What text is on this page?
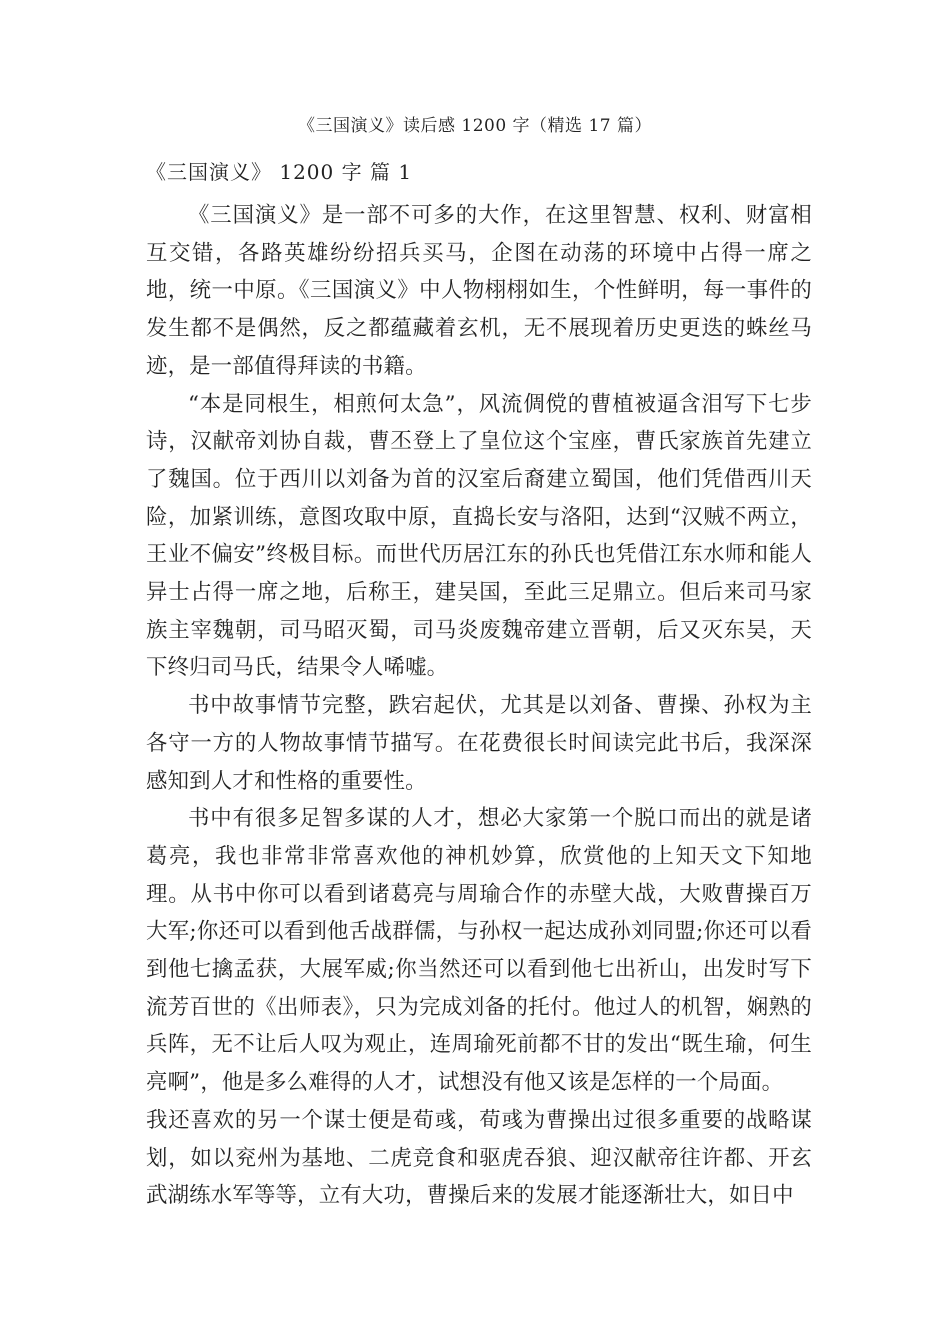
《三国演义》读后感 1200 字（精选 17 篇）
《三国演义》 1200 字 篇 1

《三国演义》是一部不可多的大作，在这里智慧、权利、财富相互交错，各路英雄纷纷招兵买马，企图在动荡的环境中占得一席之地，统一中原。《三国演义》中人物栩栩如生，个性鲜明，每一事件的发生都不是偶然，反之都蕴藏着玄机，无不展现着历史更迭的蛛丝马迹，是一部值得拜读的书籍。

“本是同根生，相煎何太急”，风流倜傥的曹植被逼含泪写下七步诗，汉献帝刘协自裁，曹丕登上了皇位这个宝座，曹氏家族首先建立了魏国。位于西川以刘备为首的汉室后裔建立蜀国，他们凭借西川天险，加紧训练，意图攻取中原，直捣长安与洛阳，达到“汉贼不两立，王业不偏安”终极目标。而世代历居江东的孙氏也凭借江东水师和能人异士占得一席之地，后称王，建吴国，至此三足鼎立。但后来司马家族主宰魏朝，司马昭灭蜀，司马炎废魏帝建立晋朝，后又灭东吴，天下终归司马氏，结果令人唏嘘。

书中故事情节完整，跌宕起伏，尤其是以刘备、曹操、孙权为主各守一方的人物故事情节描写。在花费很长时间读完此书后，我深深感知到人才和性格的重要性。

书中有很多足智多谋的人才，想必大家第一个脱口而出的就是诸葛亮，我也非常非常喜欢他的神机妙算，欣赏他的上知天文下知地理。从书中你可以看到诸葛亮与周瑜合作的赤壁大战，大败曹操百万大军;你还可以看到他舌战群儒，与孙权一起达成孙刘同盟;你还可以看到他七擒孟获，大展军威;你当然还可以看到他七出祈山，出发时写下流芳百世的《出师表》，只为完成刘备的托付。他过人的机智，娴熟的兵阵，无不让后人叹为观止，连周瑜死前都不甘的发出“既生瑜，何生亮啊”，他是多么难得的人才，试想没有他又该是怎样的一个局面。

我还喜欢的另一个谋士便是荀彧，荀彧为曹操出过很多重要的战略谋划，如以兖州为基地、二虎竞食和驱虎吞狼、迎汉献帝往许都、开玄武湖练水军等等，立有大功，曹操后来的发展才能逐渐壮大，如日中
